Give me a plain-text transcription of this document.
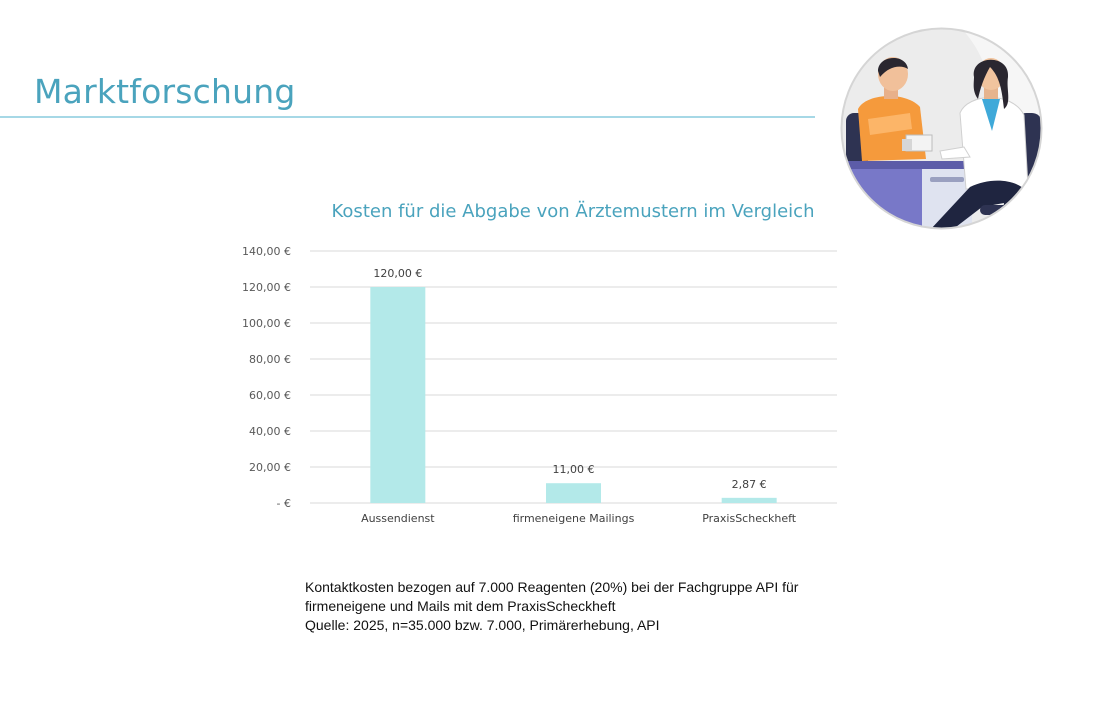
Marktforschung
Kosten für die Abgabe von Ärztemustern im Vergleich
- €
20,00 €
40,00 €
60,00 €
80,00 €
100,00 €
120,00 €
140,00 €
120,00 €
11,00 €
2,87 €
Aussendienst	firmeneigene Mailings	PraxisScheckheft

Kontaktkosten bezogen auf 7.000 Reagenten (20%) bei der Fachgruppe API für firmeneigene und Mails mit dem PraxisScheckheft

Quelle: 2025, n=35.000 bzw. 7.000, Primärerhebung, API
